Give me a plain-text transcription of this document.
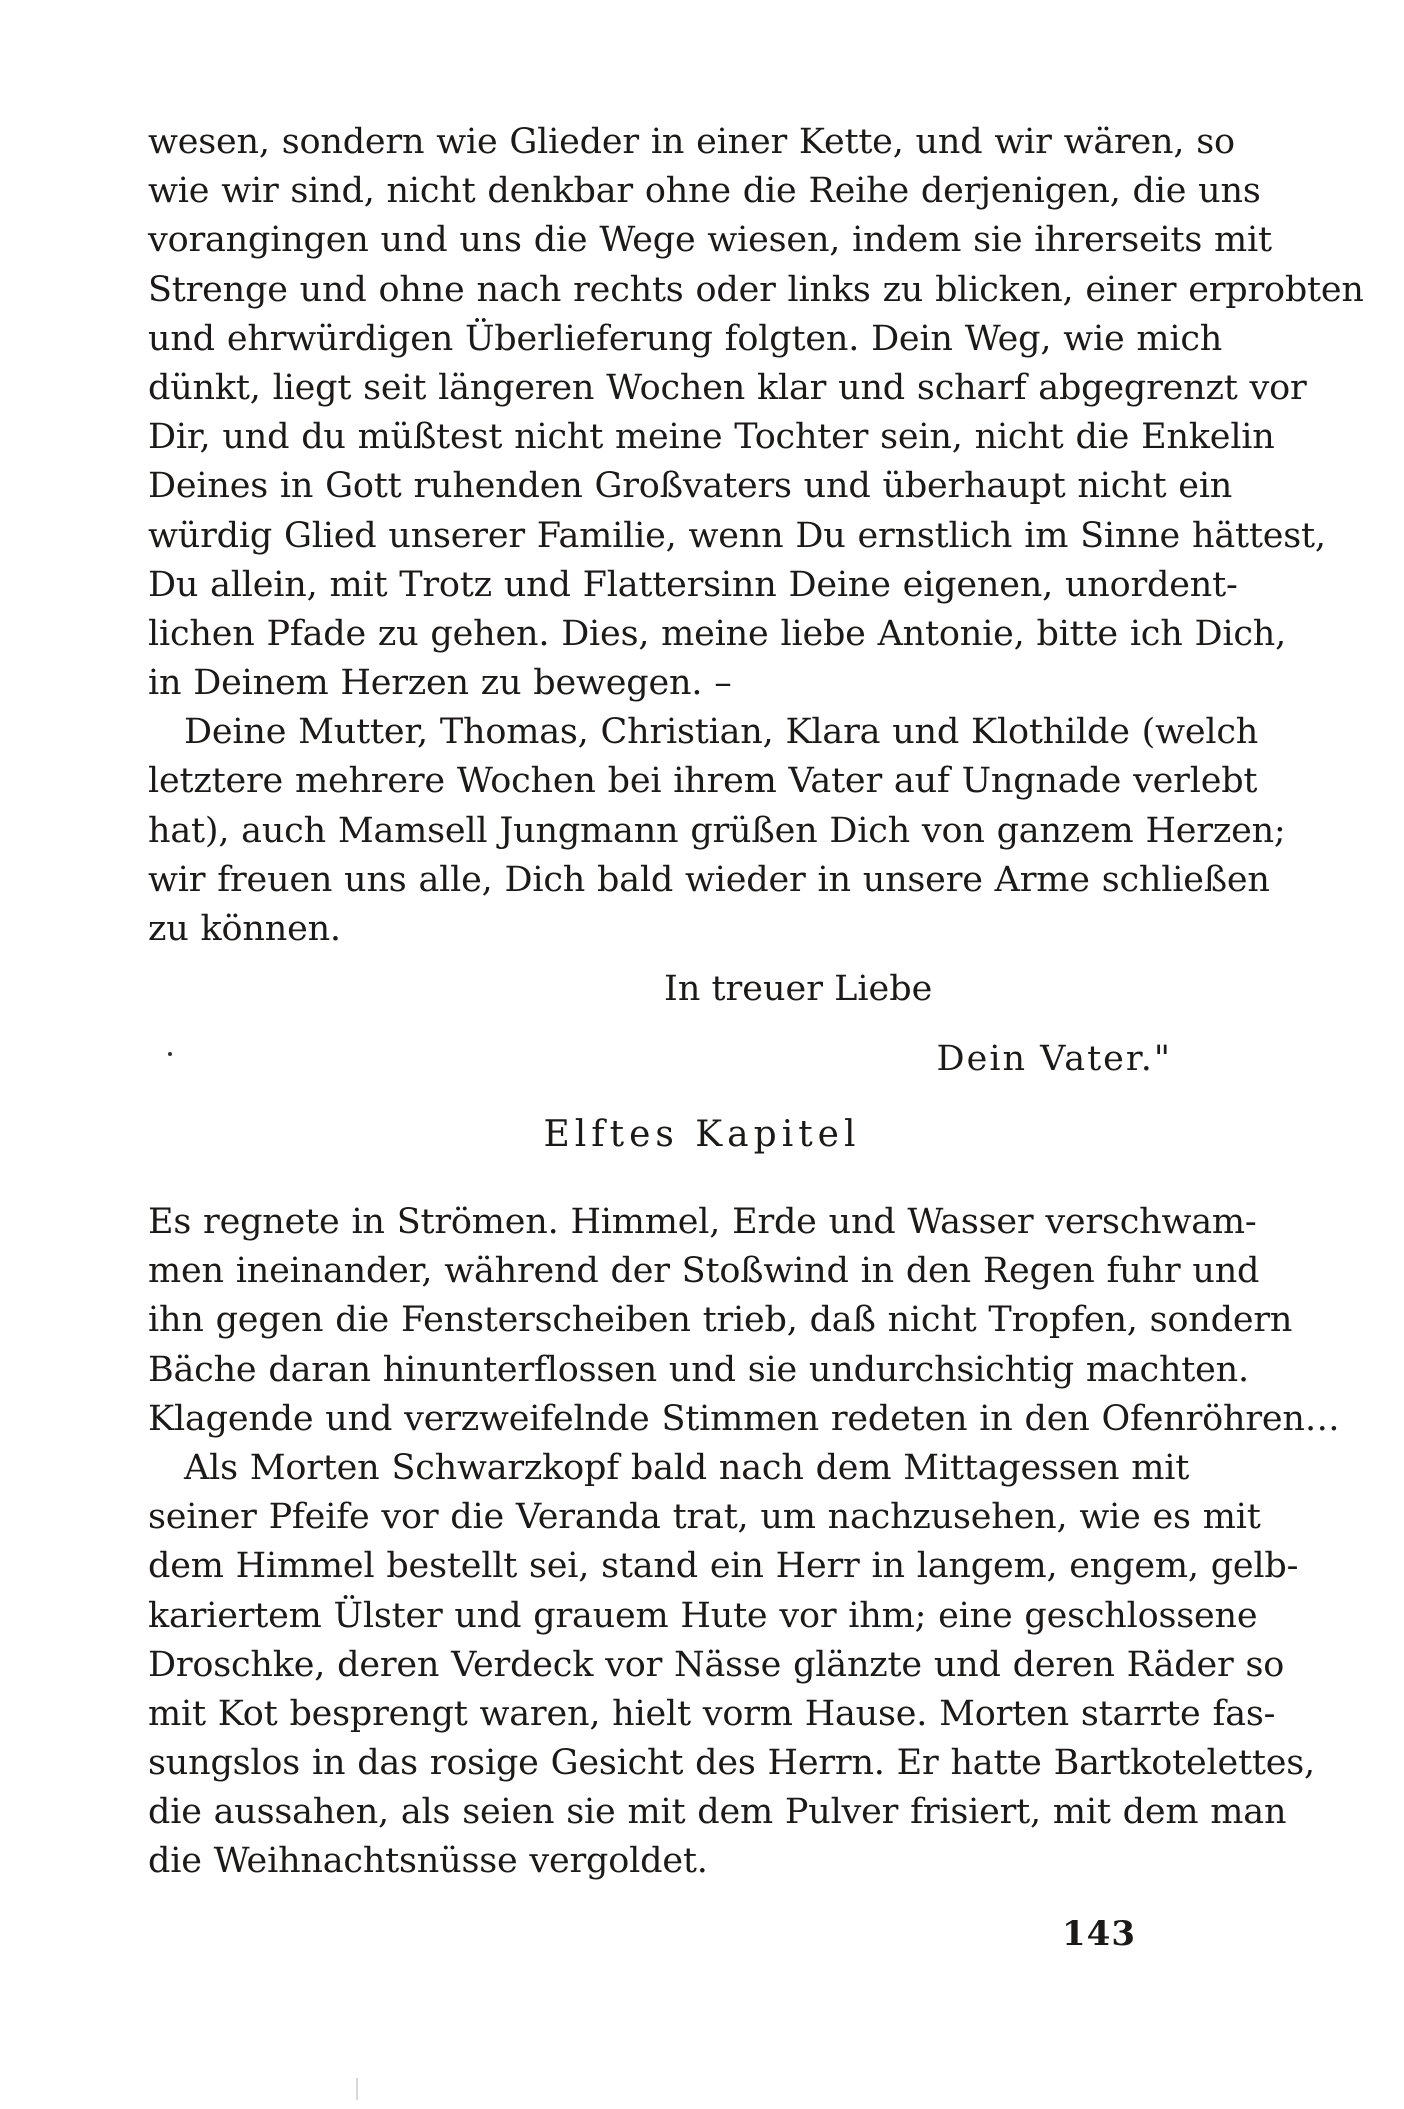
wesen, sondern wie Glieder in einer Kette, und wir wären, so
wie wir sind, nicht denkbar ohne die Reihe derjenigen, die uns
vorangingen und uns die Wege wiesen, indem sie ihrerseits mit
Strenge und ohne nach rechts oder links zu blicken, einer erprobten
und ehrwürdigen Überlieferung folgten. Dein Weg, wie mich
dünkt, liegt seit längeren Wochen klar und scharf abgegrenzt vor
Dir, und du müßtest nicht meine Tochter sein, nicht die Enkelin
Deines in Gott ruhenden Großvaters und überhaupt nicht ein
würdig Glied unserer Familie, wenn Du ernstlich im Sinne hättest,
Du allein, mit Trotz und Flattersinn Deine eigenen, unordent-
lichen Pfade zu gehen. Dies, meine liebe Antonie, bitte ich Dich,
in Deinem Herzen zu bewegen. –
Deine Mutter, Thomas, Christian, Klara und Klothilde (welch
letztere mehrere Wochen bei ihrem Vater auf Ungnade verlebt
hat), auch Mamsell Jungmann grüßen Dich von ganzem Herzen;
wir freuen uns alle, Dich bald wieder in unsere Arme schließen
zu können.
In treuer Liebe
Dein Vater."
Elftes Kapitel
Es regnete in Strömen. Himmel, Erde und Wasser verschwam-
men ineinander, während der Stoßwind in den Regen fuhr und
ihn gegen die Fensterscheiben trieb, daß nicht Tropfen, sondern
Bäche daran hinunterflossen und sie undurchsichtig machten.
Klagende und verzweifelnde Stimmen redeten in den Ofenröhren…
Als Morten Schwarzkopf bald nach dem Mittagessen mit
seiner Pfeife vor die Veranda trat, um nachzusehen, wie es mit
dem Himmel bestellt sei, stand ein Herr in langem, engem, gelb-
kariertem Ülster und grauem Hute vor ihm; eine geschlossene
Droschke, deren Verdeck vor Nässe glänzte und deren Räder so
mit Kot besprengt waren, hielt vorm Hause. Morten starrte fas-
sungslos in das rosige Gesicht des Herrn. Er hatte Bartkotelettes,
die aussahen, als seien sie mit dem Pulver frisiert, mit dem man
die Weihnachtsnüsse vergoldet.
143
